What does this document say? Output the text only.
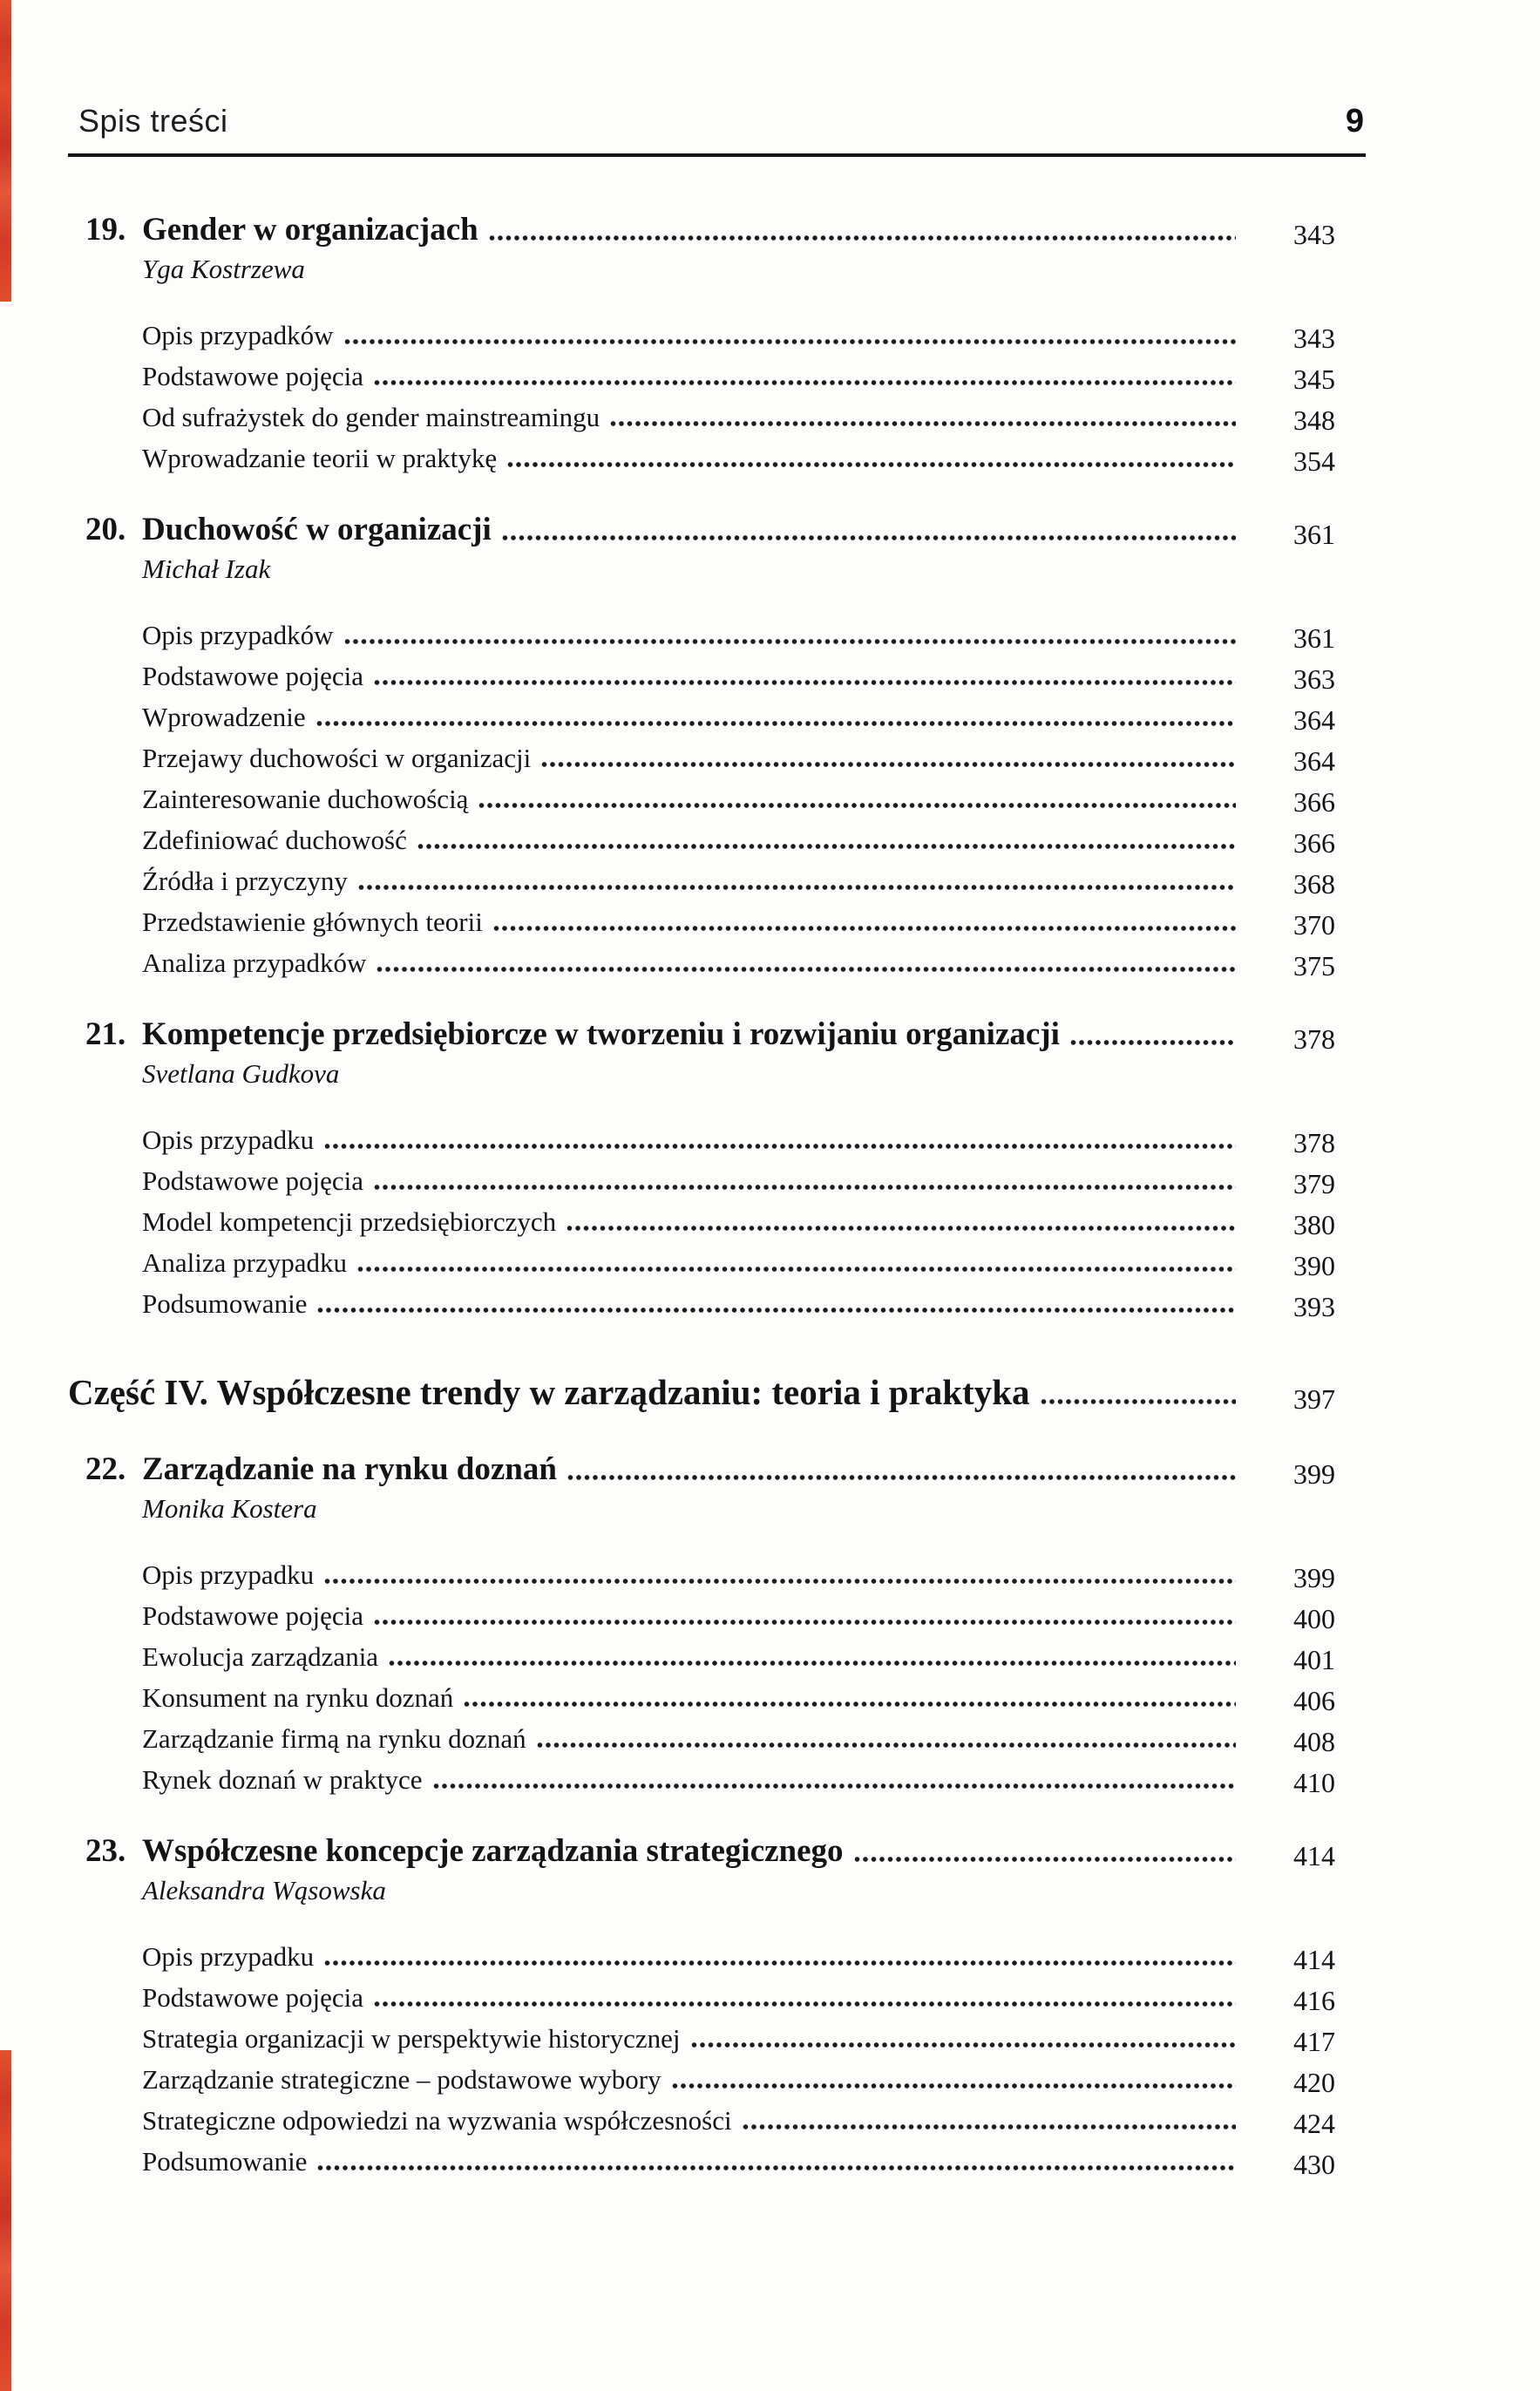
Spis treści	9
19. Gender w organizacjach	343
Yga Kostrzewa
Opis przypadków	343
Podstawowe pojęcia	345
Od sufrażystek do gender mainstreamingu	348
Wprowadzanie teorii w praktykę	354
20. Duchowość w organizacji	361
Michał Izak
Opis przypadków	361
Podstawowe pojęcia	363
Wprowadzenie	364
Przejawy duchowości w organizacji	364
Zainteresowanie duchowością	366
Zdefiniować duchowość	366
Źródła i przyczyny	368
Przedstawienie głównych teorii	370
Analiza przypadków	375
21. Kompetencje przedsiębiorcze w tworzeniu i rozwijaniu organizacji	378
Svetlana Gudkova
Opis przypadku	378
Podstawowe pojęcia	379
Model kompetencji przedsiębiorczych	380
Analiza przypadku	390
Podsumowanie	393
Część IV. Współczesne trendy w zarządzaniu: teoria i praktyka	397
22. Zarządzanie na rynku doznań	399
Monika Kostera
Opis przypadku	399
Podstawowe pojęcia	400
Ewolucja zarządzania	401
Konsument na rynku doznań	406
Zarządzanie firmą na rynku doznań	408
Rynek doznań w praktyce	410
23. Współczesne koncepcje zarządzania strategicznego	414
Aleksandra Wąsowska
Opis przypadku	414
Podstawowe pojęcia	416
Strategia organizacji w perspektywie historycznej	417
Zarządzanie strategiczne – podstawowe wybory	420
Strategiczne odpowiedzi na wyzwania współczesności	424
Podsumowanie	430
